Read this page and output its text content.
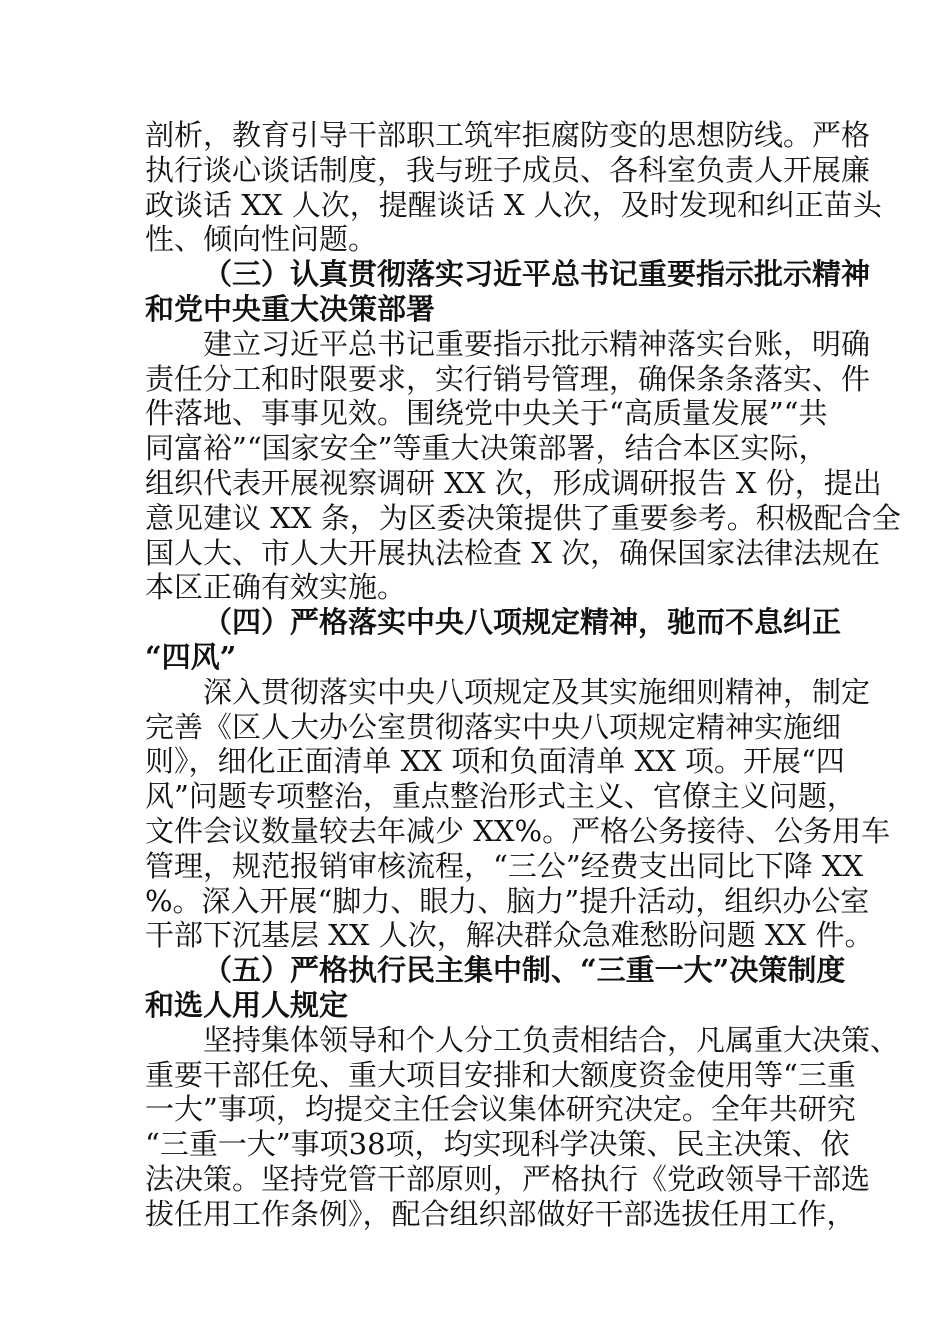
剖析，教育引导干部职工筑牢拒腐防变的思想防线。严格
执行谈心谈话制度，我与班子成员、各科室负责人开展廉
政谈话 XX 人次，提醒谈话 X 人次，及时发现和纠正苗头
性、倾向性问题。
（三）认真贯彻落实习近平总书记重要指示批示精神
和党中央重大决策部署
建立习近平总书记重要指示批示精神落实台账，明确
责任分工和时限要求，实行销号管理，确保条条落实、件
件落地、事事见效。围绕党中央关于“高质量发展”“共
同富裕”“国家安全”等重大决策部署，结合本区实际，
组织代表开展视察调研 XX 次，形成调研报告 X 份，提出
意见建议 XX 条，为区委决策提供了重要参考。积极配合全
国人大、市人大开展执法检查 X 次，确保国家法律法规在
本区正确有效实施。
（四）严格落实中央八项规定精神，驰而不息纠正
“四风”
深入贯彻落实中央八项规定及其实施细则精神，制定
完善《区人大办公室贯彻落实中央八项规定精神实施细
则》，细化正面清单 XX 项和负面清单 XX 项。开展“四
风”问题专项整治，重点整治形式主义、官僚主义问题，
文件会议数量较去年减少 XX%。严格公务接待、公务用车
管理，规范报销审核流程，“三公”经费支出同比下降 XX
%。深入开展“脚力、眼力、脑力”提升活动，组织办公室
干部下沉基层 XX 人次，解决群众急难愁盼问题 XX 件。
（五）严格执行民主集中制、“三重一大”决策制度
和选人用人规定
坚持集体领导和个人分工负责相结合，凡属重大决策、
重要干部任免、重大项目安排和大额度资金使用等“三重
一大”事项，均提交主任会议集体研究决定。全年共研究
“三重一大”事项38项，均实现科学决策、民主决策、依
法决策。坚持党管干部原则，严格执行《党政领导干部选
拔任用工作条例》，配合组织部做好干部选拔任用工作，
